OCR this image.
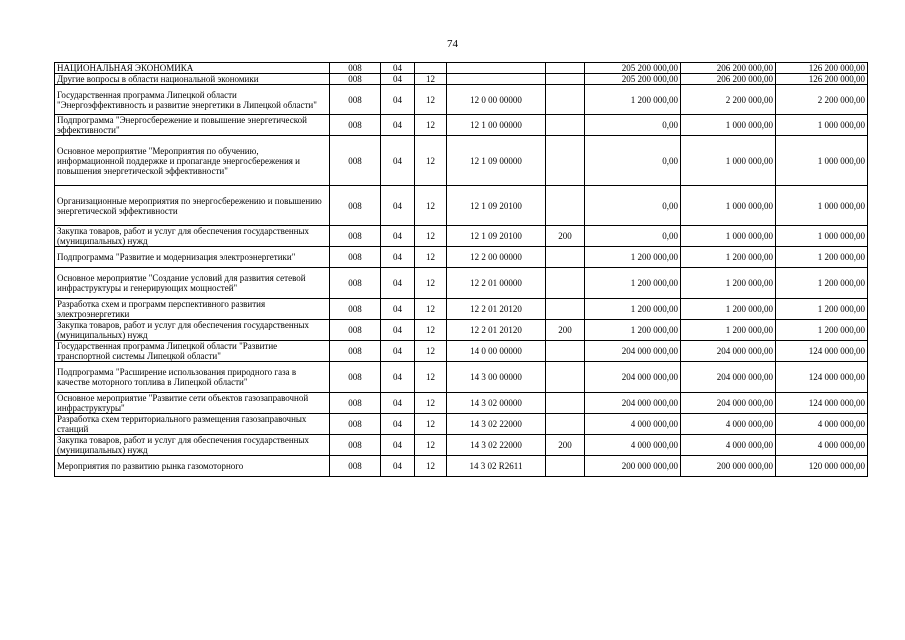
74
НАЦИОНАЛЬНАЯ ЭКОНОМИКА	008	04				205 200 000,00	206 200 000,00	126 200 000,00
Другие вопросы в области национальной экономики	008	04	12			205 200 000,00	206 200 000,00	126 200 000,00
Государственная программа Липецкой области "Энергоэффективность и развитие энергетики в Липецкой области"	008	04	12	12 0 00 00000		1 200 000,00	2 200 000,00	2 200 000,00
Подпрограмма "Энергосбережение и повышение энергетической эффективности"	008	04	12	12 1 00 00000		0,00	1 000 000,00	1 000 000,00
Основное мероприятие "Мероприятия по обучению, информационной поддержке и пропаганде энергосбережения и повышения энергетической эффективности"	008	04	12	12 1 09 00000		0,00	1 000 000,00	1 000 000,00
Организационные мероприятия по энергосбережению и повышению энергетической эффективности	008	04	12	12 1 09 20100		0,00	1 000 000,00	1 000 000,00
Закупка товаров, работ и услуг для обеспечения государственных (муниципальных) нужд	008	04	12	12 1 09 20100	200	0,00	1 000 000,00	1 000 000,00
Подпрограмма "Развитие и модернизация электроэнергетики"	008	04	12	12 2 00 00000		1 200 000,00	1 200 000,00	1 200 000,00
Основное мероприятие "Создание условий для развития сетевой инфраструктуры и генерирующих мощностей"	008	04	12	12 2 01 00000		1 200 000,00	1 200 000,00	1 200 000,00
Разработка схем и программ перспективного развития электроэнергетики	008	04	12	12 2 01 20120		1 200 000,00	1 200 000,00	1 200 000,00
Закупка товаров, работ и услуг для обеспечения государственных (муниципальных) нужд	008	04	12	12 2 01 20120	200	1 200 000,00	1 200 000,00	1 200 000,00
Государственная программа Липецкой области "Развитие транспортной системы Липецкой области"	008	04	12	14 0 00 00000		204 000 000,00	204 000 000,00	124 000 000,00
Подпрограмма "Расширение использования природного газа в качестве моторного топлива в Липецкой области"	008	04	12	14 3 00 00000		204 000 000,00	204 000 000,00	124 000 000,00
Основное мероприятие "Развитие сети объектов газозаправочной инфраструктуры"	008	04	12	14 3 02 00000		204 000 000,00	204 000 000,00	124 000 000,00
Разработка схем территориального размещения газозаправочных станций	008	04	12	14 3 02 22000		4 000 000,00	4 000 000,00	4 000 000,00
Закупка товаров, работ и услуг для обеспечения государственных (муниципальных) нужд	008	04	12	14 3 02 22000	200	4 000 000,00	4 000 000,00	4 000 000,00
Мероприятия по развитию рынка газомоторного	008	04	12	14 3 02 R2611		200 000 000,00	200 000 000,00	120 000 000,00
